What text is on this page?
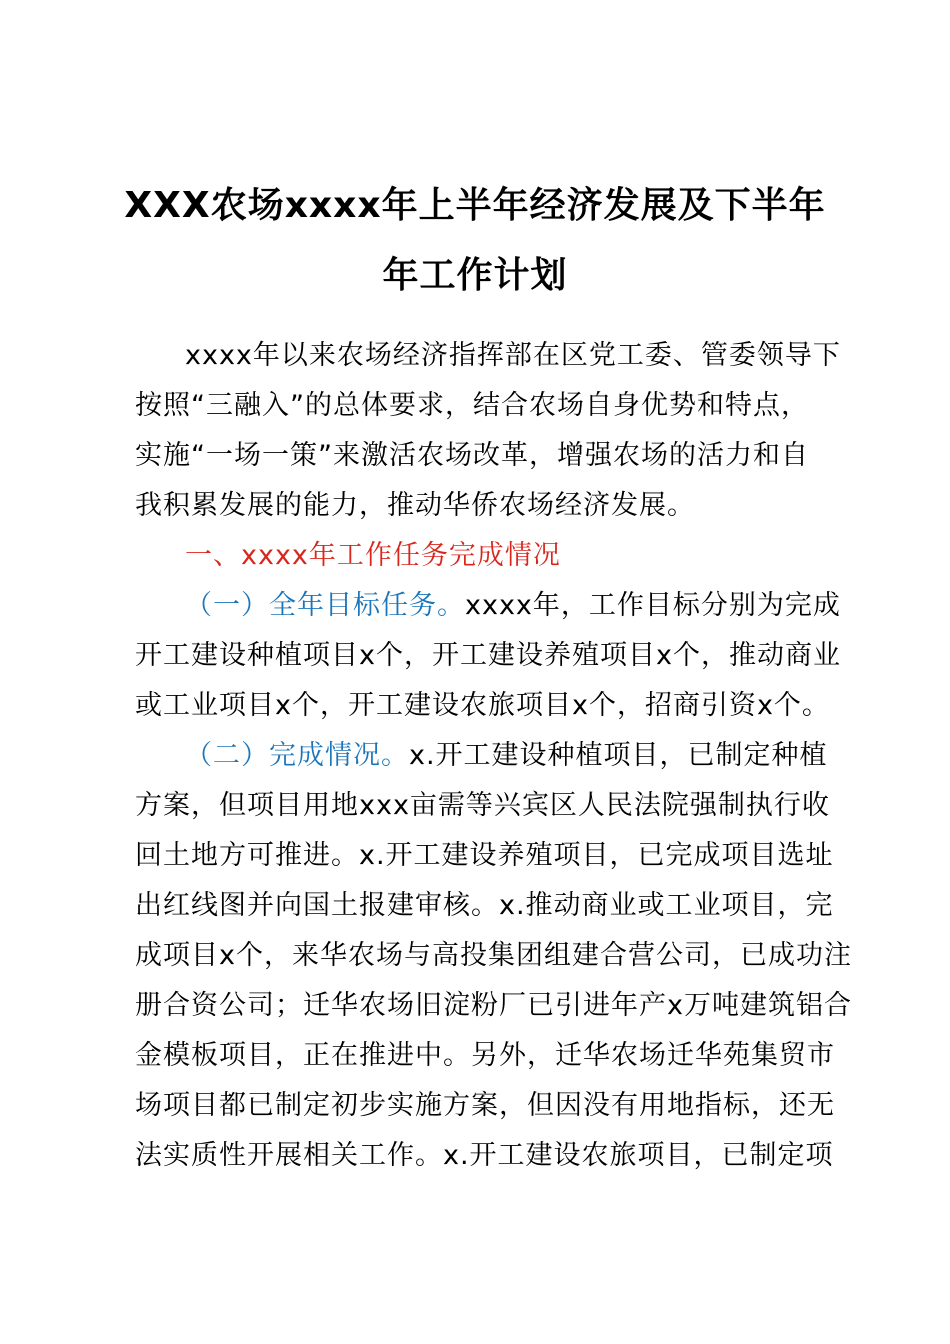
XXX农场xxxx年上半年经济发展及下半年
年工作计划
xxxx年以来农场经济指挥部在区党工委、管委领导下
按照“三融入”的总体要求，结合农场自身优势和特点，
实施“一场一策”来激活农场改革，增强农场的活力和自
我积累发展的能力，推动华侨农场经济发展。
一、xxxx年工作任务完成情况
（一）全年目标任务。xxxx年，工作目标分别为完成
开工建设种植项目x个，开工建设养殖项目x个，推动商业
或工业项目x个，开工建设农旅项目x个，招商引资x个。
（二）完成情况。x.开工建设种植项目，已制定种植
方案，但项目用地xxx亩需等兴宾区人民法院强制执行收
回土地方可推进。x.开工建设养殖项目，已完成项目选址
出红线图并向国土报建审核。x.推动商业或工业项目，完
成项目x个，来华农场与高投集团组建合营公司，已成功注
册合资公司；迁华农场旧淀粉厂已引进年产x万吨建筑铝合
金模板项目，正在推进中。另外，迁华农场迁华苑集贸市
场项目都已制定初步实施方案，但因没有用地指标，还无
法实质性开展相关工作。x.开工建设农旅项目，已制定项
